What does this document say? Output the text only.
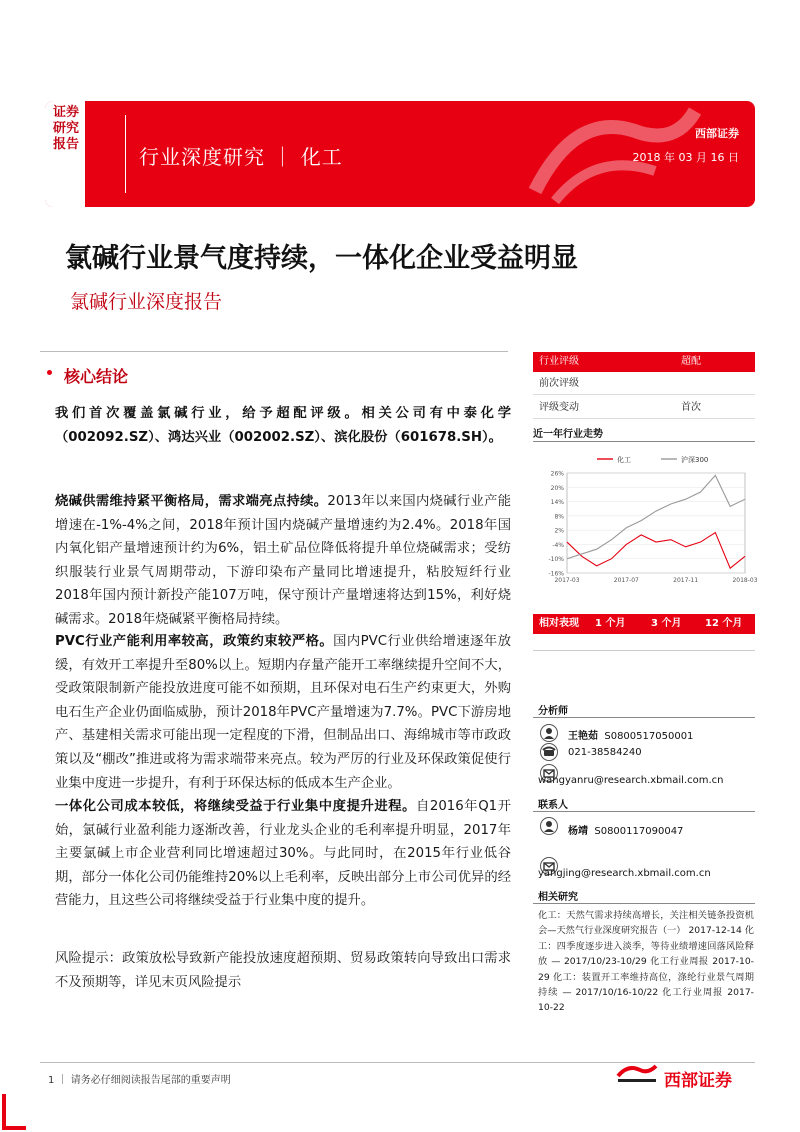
证券研究报告
行业深度研究 ｜ 化工
西部证券
2018 年 03 月 16 日
氯碱行业景气度持续，一体化企业受益明显
氯碱行业深度报告
核心结论
我们首次覆盖氯碱行业，给予超配评级。相关公司有中泰化学（002092.SZ）、鸿达兴业（002002.SZ）、滨化股份（601678.SH）。
烧碱供需维持紧平衡格局，需求端亮点持续。2013年以来国内烧碱行业产能增速在-1%-4%之间，2018年预计国内烧碱产量增速约为2.4%。2018年国内氧化铝产量增速预计约为6%，铝土矿品位降低将提升单位烧碱需求；受纺织服装行业景气周期带动，下游印染布产量同比增速提升，粘胶短纤行业2018年国内预计新投产能107万吨，保守预计产量增速将达到15%，利好烧碱需求。2018年烧碱紧平衡格局持续。
PVC行业产能利用率较高，政策约束较严格。国内PVC行业供给增速逐年放缓，有效开工率提升至80%以上。短期内存量产能开工率继续提升空间不大，受政策限制新产能投放进度可能不如预期，且环保对电石生产约束更大，外购电石生产企业仍面临威胁，预计2018年PVC产量增速为7.7%。PVC下游房地产、基建相关需求可能出现一定程度的下滑，但制品出口、海绵城市等市政政策以及“棚改”推进或将为需求端带来亮点。较为严厉的行业及环保政策促使行业集中度进一步提升，有利于环保达标的低成本生产企业。
一体化公司成本较低，将继续受益于行业集中度提升进程。自2016年Q1开始，氯碱行业盈利能力逐渐改善，行业龙头企业的毛利率提升明显，2017年主要氯碱上市企业营利同比增速超过30%。与此同时，在2015年行业低谷期，部分一体化公司仍能维持20%以上毛利率，反映出部分上市公司优异的经营能力，且这些公司将继续受益于行业集中度的提升。
风险提示：政策放松导致新产能投放速度超预期、贸易政策转向导致出口需求不及预期等，详见末页风险提示
行业评级	超配
前次评级
评级变动	首次
近一年行业走势
26%
20%
14%
8%
2%
-4%
-10%
-16%
2017-03	2017-07	2017-11	2018-03
化工	沪深300
相对表现 1 个月	3 个月 12 个月
分析师
王艳茹 S0800517050001
021-38584240
wangyanru@research.xbmail.com.cn
联系人
杨靖 S0800117090047
yangjing@research.xbmail.com.cn
相关研究
化工：天然气需求持续高增长，关注相关链条投资机会—天然气行业深度研究报告（一） 2017-12-14 化工：四季度逐步进入淡季，等待业绩增速回落风险释放 — 2017/10/23-10/29 化工行业周报 2017-10-29 化工：装置开工率维持高位，涤纶行业景气周期持续 — 2017/10/16-10/22 化工行业周报 2017-10-22
1 ｜ 请务必仔细阅读报告尾部的重要声明	西部证券
